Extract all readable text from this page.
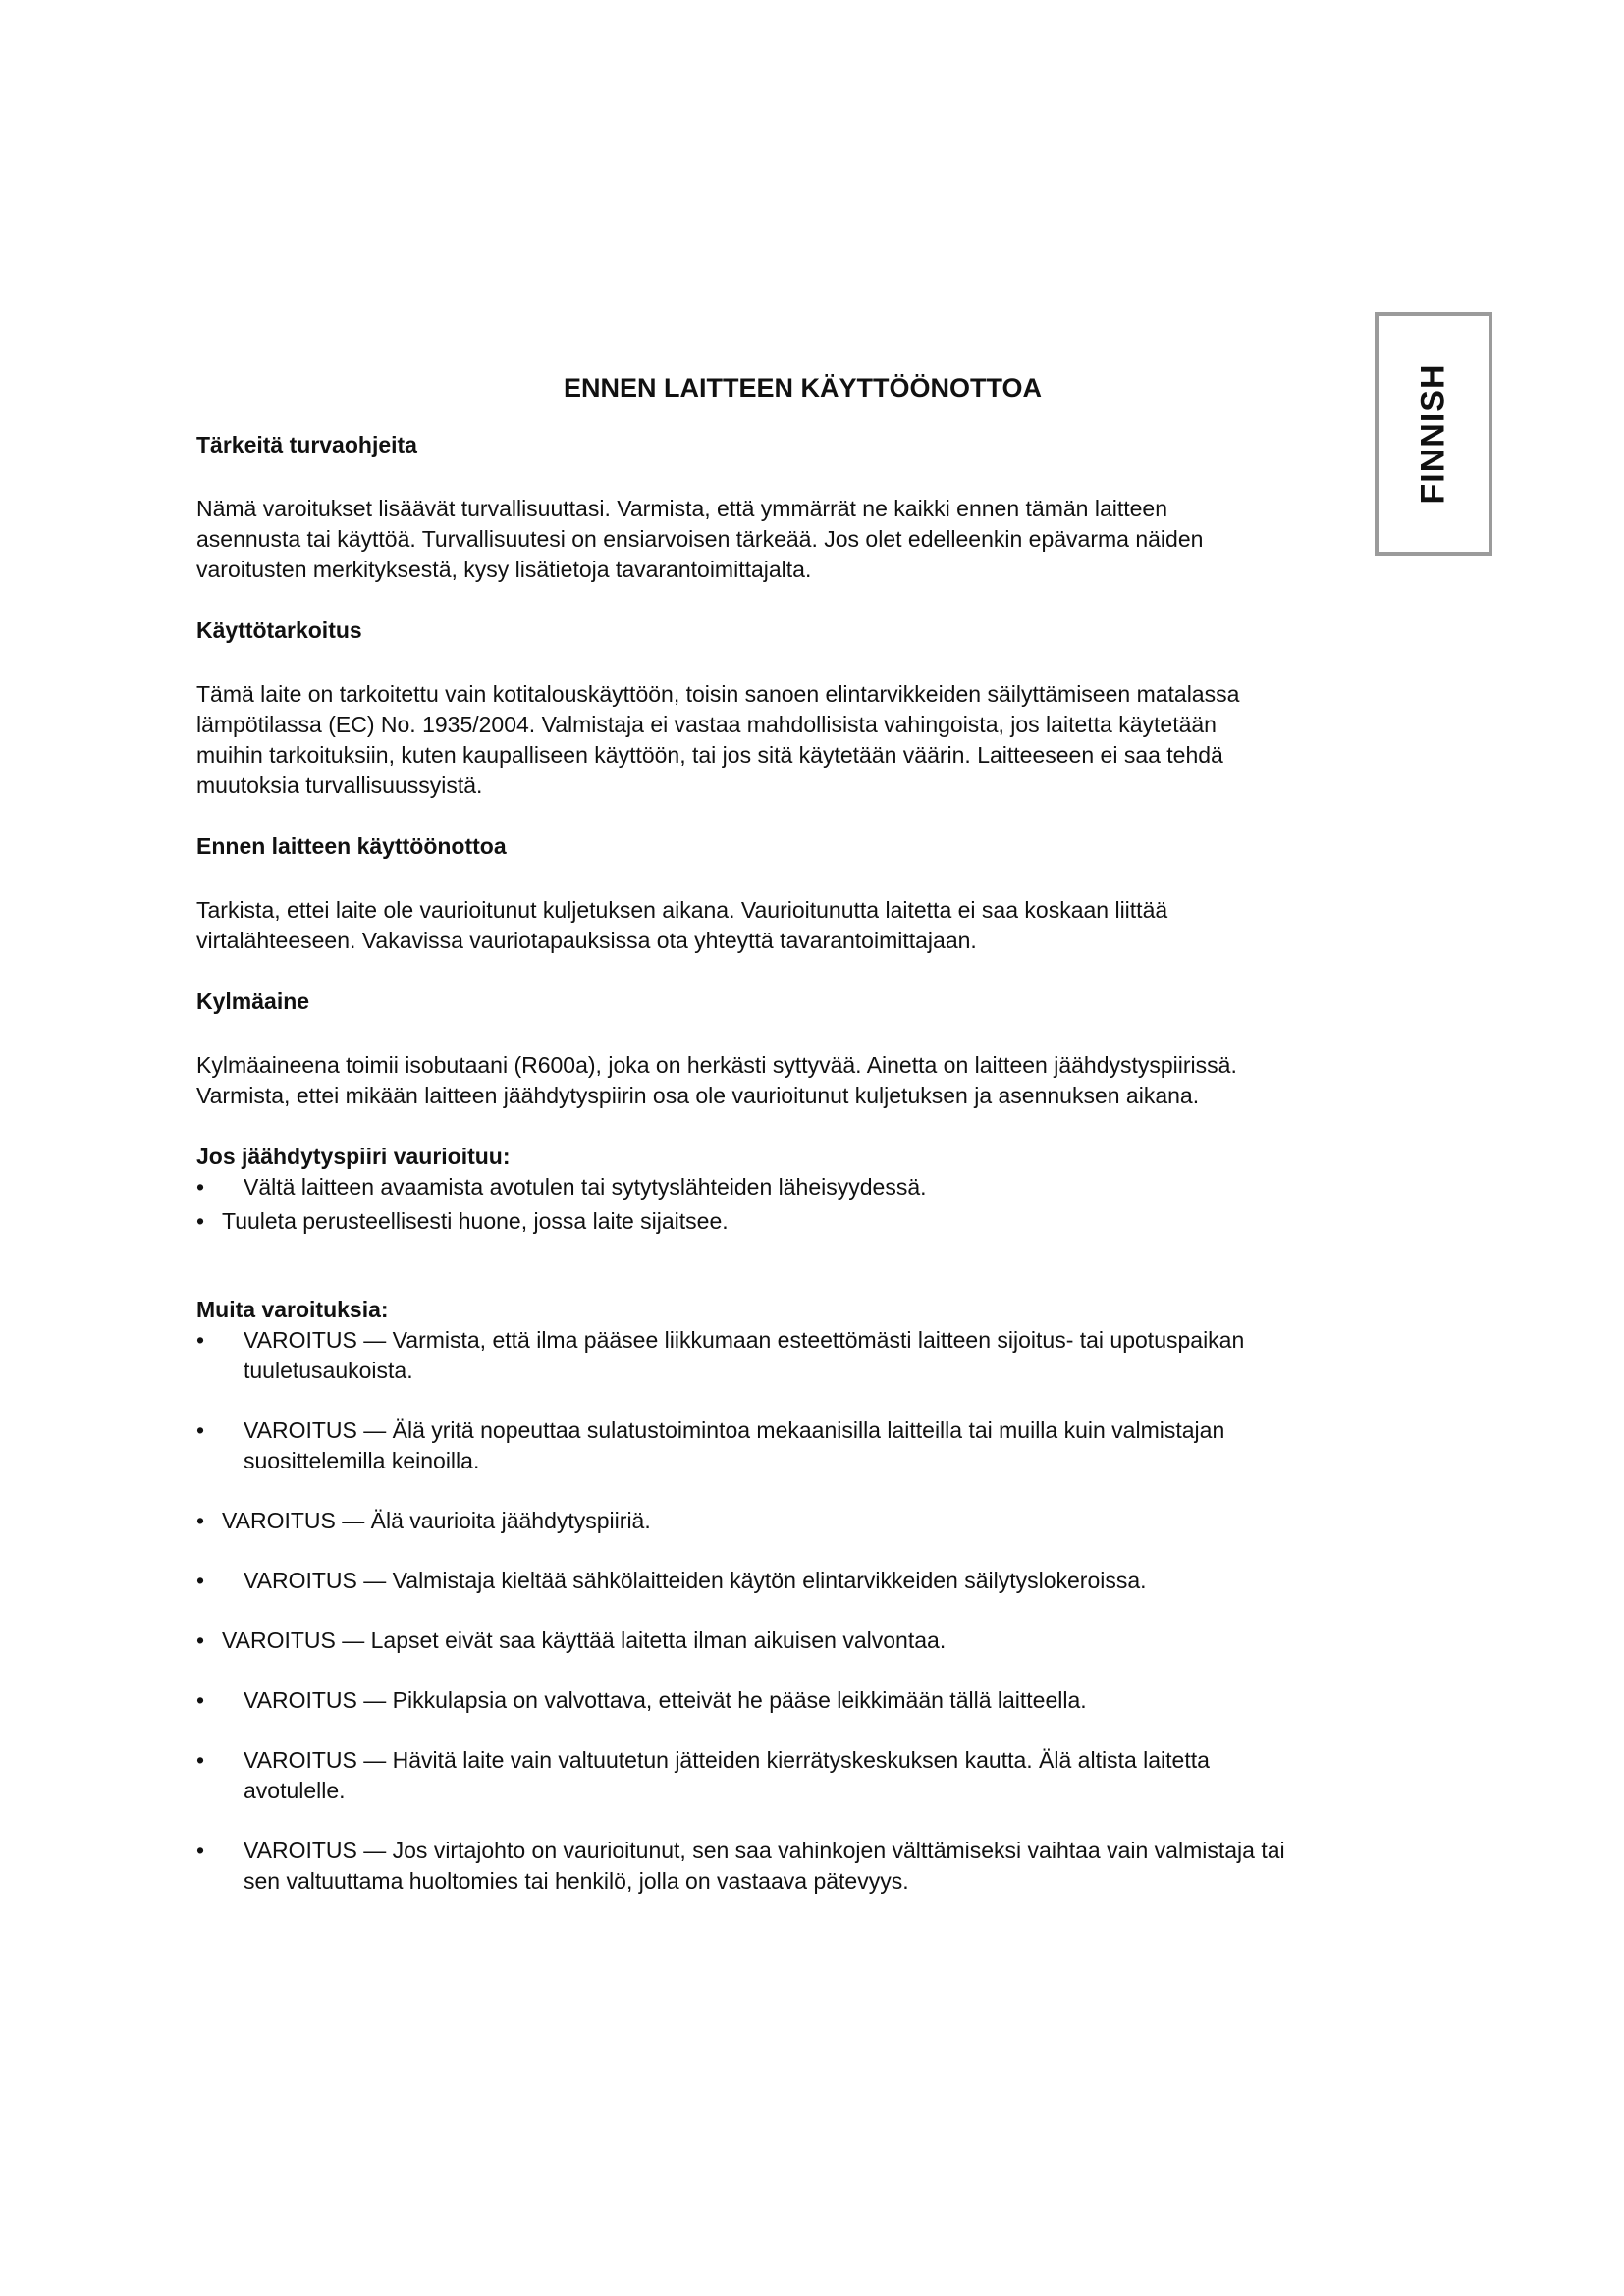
FINNISH
ENNEN LAITTEEN KÄYTTÖÖNOTTOA
Tärkeitä turvaohjeita

Nämä varoitukset lisäävät turvallisuuttasi. Varmista, että ymmärrät ne kaikki ennen tämän laitteen
asennusta tai käyttöä. Turvallisuutesi on ensiarvoisen tärkeää. Jos olet edelleenkin epävarma näiden
varoitusten merkityksestä, kysy lisätietoja tavarantoimittajalta.

Käyttötarkoitus

Tämä laite on tarkoitettu vain kotitalouskäyttöön, toisin sanoen elintarvikkeiden säilyttämiseen matalassa
lämpötilassa (EC) No. 1935/2004. Valmistaja ei vastaa mahdollisista vahingoista, jos laitetta käytetään
muihin tarkoituksiin, kuten kaupalliseen käyttöön, tai jos sitä käytetään väärin. Laitteeseen ei saa tehdä
muutoksia turvallisuussyistä.

Ennen laitteen käyttöönottoa

Tarkista, ettei laite ole vaurioitunut kuljetuksen aikana. Vaurioitunutta laitetta ei saa koskaan liittää
virtalähteeseen. Vakavissa vauriotapauksissa ota yhteyttä tavarantoimittajaan.

Kylmäaine

Kylmäaineena toimii isobutaani (R600a), joka on herkästi syttyvää. Ainetta on laitteen jäähdystyspiirissä.
Varmista, ettei mikään laitteen jäähdytyspiirin osa ole vaurioitunut kuljetuksen ja asennuksen aikana.

Jos jäähdytyspiiri vaurioituu:
•	Vältä laitteen avaamista avotulen tai sytytyslähteiden läheisyydessä.
• Tuuleta perusteellisesti huone, jossa laite sijaitsee.
Muita varoituksia:
•	VAROITUS — Varmista, että ilma pääsee liikkumaan esteettömästi laitteen sijoitus- tai upotuspaikan
tuuletusaukoista.
•	VAROITUS — Älä yritä nopeuttaa sulatustoimintoa mekaanisilla laitteilla tai muilla kuin valmistajan
suosittelemilla keinoilla.
• VAROITUS — Älä vaurioita jäähdytyspiiriä.
•	VAROITUS — Valmistaja kieltää sähkölaitteiden käytön elintarvikkeiden säilytyslokeroissa.
• VAROITUS — Lapset eivät saa käyttää laitetta ilman aikuisen valvontaa.
•	VAROITUS — Pikkulapsia on valvottava, etteivät he pääse leikkimään tällä laitteella.
•	VAROITUS — Hävitä laite vain valtuutetun jätteiden kierrätyskeskuksen kautta. Älä altista laitetta
avotulelle.
•	VAROITUS — Jos virtajohto on vaurioitunut, sen saa vahinkojen välttämiseksi vaihtaa vain valmistaja tai
sen valtuuttama huoltomies tai henkilö, jolla on vastaava pätevyys.
